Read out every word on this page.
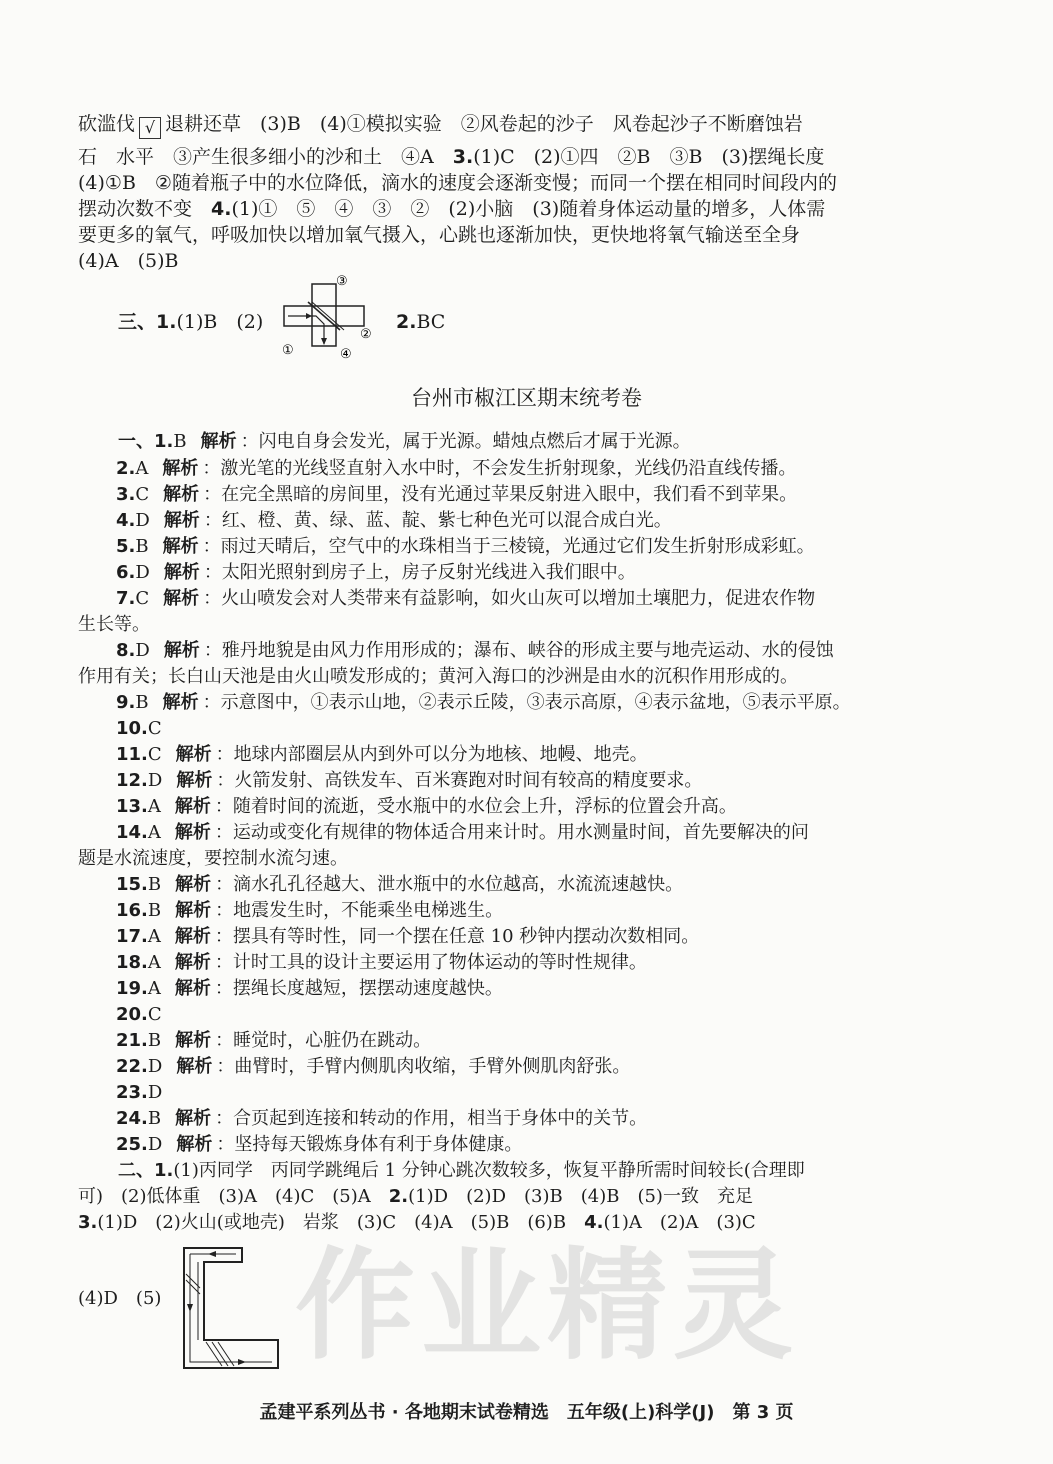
砍滥伐 √ 退耕还草　(3)B　(4)①模拟实验　②风卷起的沙子　风卷起沙子不断磨蚀岩
石　水平　③产生很多细小的沙和土　④A　3.(1)C　(2)①四　②B　③B　(3)摆绳长度
(4)①B　②随着瓶子中的水位降低，滴水的速度会逐渐变慢；而同一个摆在相同时间段内的
摆动次数不变　4.(1)①　⑤　④　③　②　(2)小脑　(3)随着身体运动量的增多，人体需
要更多的氧气，呼吸加快以增加氧气摄入，心跳也逐渐加快，更快地将氧气输送至全身
(4)A　(5)B
三、1.(1)B　(2)
③
②
①	④
2.BC
台州市椒江区期末统考卷
一、1.B 解析 ：闪电自身会发光，属于光源。蜡烛点燃后才属于光源。
2.A 解析 ：激光笔的光线竖直射入水中时，不会发生折射现象，光线仍沿直线传播。
3.C 解析 ：在完全黑暗的房间里，没有光通过苹果反射进入眼中，我们看不到苹果。
4.D 解析 ：红、橙、黄、绿、蓝、靛、紫七种色光可以混合成白光。
5.B 解析 ：雨过天晴后，空气中的水珠相当于三棱镜，光通过它们发生折射形成彩虹。
6.D 解析 ：太阳光照射到房子上，房子反射光线进入我们眼中。
7.C 解析 ：火山喷发会对人类带来有益影响，如火山灰可以增加土壤肥力，促进农作物
生长等。
8.D 解析 ：雅丹地貌是由风力作用形成的；瀑布、峡谷的形成主要与地壳运动、水的侵蚀
作用有关；长白山天池是由火山喷发形成的；黄河入海口的沙洲是由水的沉积作用形成的。
9.B 解析 ：示意图中，①表示山地，②表示丘陵，③表示高原，④表示盆地，⑤表示平原。
10.C
11.C 解析 ：地球内部圈层从内到外可以分为地核、地幔、地壳。
12.D 解析 ：火箭发射、高铁发车、百米赛跑对时间有较高的精度要求。
13.A 解析 ：随着时间的流逝，受水瓶中的水位会上升，浮标的位置会升高。
14.A 解析 ：运动或变化有规律的物体适合用来计时。用水测量时间，首先要解决的问
题是水流速度，要控制水流匀速。
15.B 解析 ：滴水孔孔径越大、泄水瓶中的水位越高，水流流速越快。
16.B 解析 ：地震发生时，不能乘坐电梯逃生。
17.A 解析 ：摆具有等时性，同一个摆在任意 10 秒钟内摆动次数相同。
18.A 解析 ：计时工具的设计主要运用了物体运动的等时性规律。
19.A 解析 ：摆绳长度越短，摆摆动速度越快。
20.C
21.B 解析 ：睡觉时，心脏仍在跳动。
22.D 解析 ：曲臂时，手臂内侧肌肉收缩，手臂外侧肌肉舒张。
23.D
24.B 解析 ：合页起到连接和转动的作用，相当于身体中的关节。
25.D 解析 ：坚持每天锻炼身体有利于身体健康。
二、1.(1)丙同学　丙同学跳绳后 1 分钟心跳次数较多，恢复平静所需时间较长(合理即
可)　(2)低体重　(3)A　(4)C　(5)A　2.(1)D　(2)D　(3)B　(4)B　(5)一致　充足
3.(1)D　(2)火山(或地壳)　岩浆　(3)C　(4)A　(5)B　(6)B　4.(1)A　(2)A　(3)C
作业精灵
(4)D　(5)
孟建平系列丛书 · 各地期末试卷精选　五年级(上)科学(J)　第 3 页
